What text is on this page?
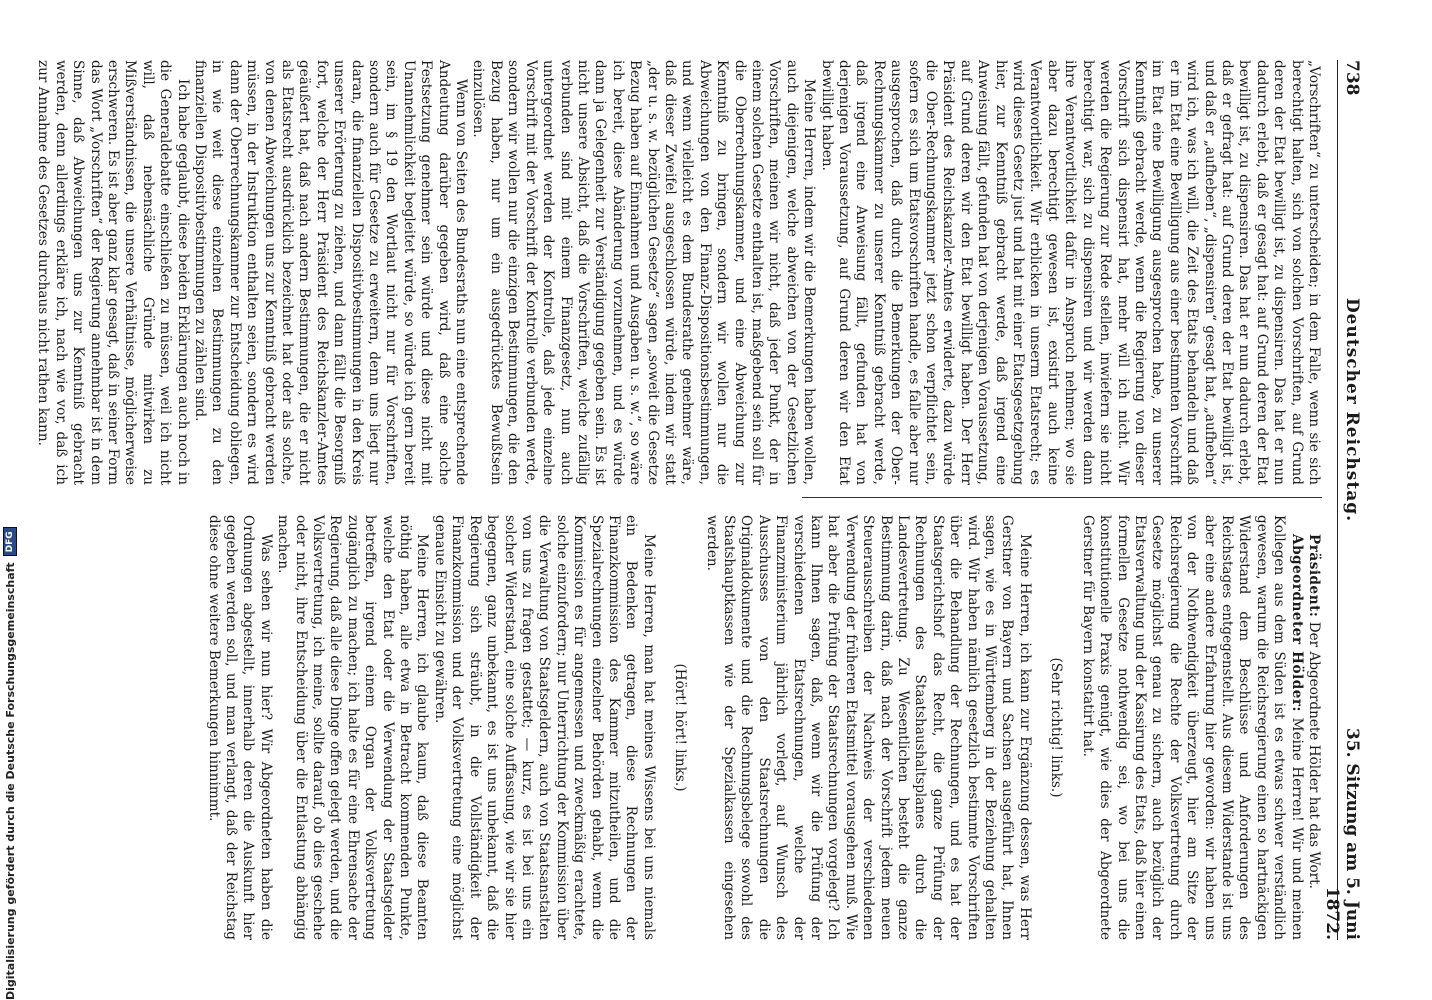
738
Deutscher Reichstag.
35. Sitzung am 5. Juni 1872.

„Vorschriften“ zu unterscheiden; in dem Falle, wenn sie sich berechtigt halten, sich von solchen Vorschriften, auf Grund deren der Etat bewilligt ist, zu dispensiren. Das hat er nun dadurch erlebt, daß er gesagt hat: auf Grund deren der Etat bewilligt ist, zu dispensiren. Das hat er nun dadurch erlebt, daß er gefragt hat: auf Grund deren der Etat bewilligt ist, und daß er „aufheben“, „dispensiren“ gesagt hat, „aufheben“ wird ich, was ich will, die Zeit des Etats behandeln und daß er im Etat eine Bewilligung aus einer bestimmten Vorschrift im Etat eine Bewilligung ausgesprochen habe, zu unserer Kenntniß gebracht werde, wenn die Regierung von dieser Vorschrift sich dispensirt hat, mehr will ich nicht. Wir werden die Regierung zur Rede stellen, inwiefern sie nicht berechtigt war, sich zu dispensiren und wir werden dann ihre Verantwortlichkeit dafür in Anspruch nehmen; wo sie aber dazu berechtigt gewesen ist, existirt auch keine Verantwortlichkeit. Wir erblicken in unserm Etatsrecht; es wird dieses Gesetz just und hat mit einer Etatsgesetzgebung hier, zur Kenntniß gebracht werde, daß irgend eine Anweisung fällt, gefunden hat von derjenigen Voraussetzung, auf Grund deren wir den Etat bewilligt haben. Der Herr Präsident des Reichskanzler-Amtes erwiderte, dazu würde die Ober-Rechnungskammer jetzt schon verpflichtet sein, sofern es sich um Etatsvorschriften handle, es falle aber nur ausgesprochen, daß durch die Bemerkungen der Ober-Rechnungskammer zu unserer Kenntniß gebracht werde, daß irgend eine Anweisung fällt, gefunden hat von derjenigen Voraussetzung, auf Grund deren wir den Etat bewilligt haben.

Meine Herren, indem wir die Bemerkungen haben wollen, auch diejenigen, welche abweichen von der Gesetzlichen Vorschriften, meinen wir nicht, daß jeder Punkt, der in einem solchen Gesetze enthalten ist, maßgebend sein soll für die Oberrechnungskammer, und eine Abweichung zur Kenntniß zu bringen, sondern wir wollen nur die Abweichungen von den Finanz-Dispositionsbestimmungen, und wenn vielleicht es dem Bundesrathe genehmer wäre, daß dieser Zweifel ausgeschlossen würde, indem wir statt „der u. s. w. bezüglichen Gesetze“ sagen „soweit die Gesetze Bezug haben auf Einnahmen und Ausgaben u. s. w.“, so wäre ich bereit, diese Abänderung vorzunehmen, und es würde dann ja Gelegenheit zur Verständigung gegeben sein. Es ist nicht unsere Absicht, daß die Vorschriften, welche zufällig verbunden sind mit einem Finanzgesetz, nun auch untergeordnet werden der Kontrolle, daß jede einzelne Vorschrift mit der Vorschrift der Kontrolle verbunden werde, sondern wir wollen nur die einzigen Bestimmungen, die den Bezug haben, nur um ein ausgedrücktes Bewußtsein einzulösen.

Wenn von Seiten des Bundesraths nun eine entsprechende Andeutung darüber gegeben wird, daß eine solche Festsetzung genehmer sein würde und diese nicht mit Unannehmlichkeit begleitet würde, so würde ich gern bereit sein, im § 19 den Wortlaut nicht nur für Vorschriften, sondern auch für Gesetze zu erweitern, denn uns liegt nur daran, die finanziellen Dispositivbestimmungen in den Kreis unserer Erörterung zu ziehen, und dann fällt die Besorgniß fort, welche der Herr Präsident des Reichskanzler-Amtes geäußert hat, daß nach andern Bestimmungen, die er nicht als Etatsrecht ausdrücklich bezeichnet hat oder als solche, von denen Abweichungen uns zur Kenntniß gebracht werden müssen, in der Instruktion enthalten seien, sondern es wird dann der Oberrechnungskammer zur Entscheidung obliegen, in wie weit diese einzelnen Bestimmungen zu den finanziellen Dispositivbestimmungen zu zählen sind.

Ich habe geglaubt, diese beiden Erklärungen auch noch in die Generaldebatte einschließen zu müssen, weil ich nicht will, daß nebensächliche Gründe mitwirken zu Mißverständnissen, die unsere Verhältnisse, möglicherweise erschweren. Es ist aber ganz klar gesagt, daß in seiner Form das Wort „Vorschriften“ der Regierung annehmbar ist in dem Sinne, daß Abweichungen uns zur Kenntniß gebracht werden, denn allerdings erkläre ich, nach wie vor, daß ich zur Annahme des Gesetzes durchaus nicht rathen kann.

Präsident: Der Abgeordnete Hölder hat das Wort.

Abgeordneter Hölder: Meine Herren! Wir und meinen Kollegen aus dem Süden ist es etwas schwer verständlich gewesen, warum die Reichsregierung einen so hartnäckigen Widerstand dem Beschlüsse und Anforderungen des Reichstages entgegenstellt. Aus diesem Widerstande ist uns aber eine andere Erfahrung hier geworden: wir haben uns von der Nothwendigkeit überzeugt, hier am Sitze der Reichsregierung die Rechte der Volksvertretung durch Gesetze möglichst genau zu sichern, auch bezüglich der Etatsverwaltung und der Kassirung des Etats, daß hier einen formellen Gesetze nothwendig sei, wo bei uns die konstitutionelle Praxis genügt, wie dies der Abgeordnete Gerstner für Bayern konstatirt hat.

(Sehr richtig! links.)

Meine Herren, ich kann zur Ergänzung dessen, was Herr Gerstner von Bayern und Sachsen ausgeführt hat, Ihnen sagen, wie es in Württemberg in der Beziehung gehalten wird. Wir haben nämlich gesetzlich bestimmte Vorschriften über die Behandlung der Rechnungen, und es hat der Staatsgerichtshof das Recht, die ganze Prüfung der Rechnungen des Staatshaushaltsplanes durch die Landesvertretung. Zu Wesentlichen besteht die ganze Bestimmung darin, daß nach der Vorschrift jedem neuen Steuerausschreiben der Nachweis der verschiedenen Verwendung der früheren Etatsmittel vorausgehen muß. Wie hat aber die Prüfung der Staatsrechnungen vorgelegt? Ich kann Ihnen sagen, daß, wenn wir die Prüfung der verschiedenen Etatsrechnungen, welche der Finanzministerium jährlich vorlegt, auf Wunsch des Ausschusses von den Staatsrechnungen die Originaldokumente und die Rechnungsbelege sowohl des Staatshauptkassen wie der Spezialkassen eingesehen werden.

(Hört! hört! links.)

Meine Herren, man hat meines Wissens bei uns niemals ein Bedenken getragen, diese Rechnungen der Finanzkommission des Kammer mitzutheilen, und die Spezialrechnungen einzelner Behörden gehabt, wenn die Kommission es für angemessen und zweckmäßig erachtete, solche einzufordern; nur Unterrichtung der Kommission über die Verwaltung von Staatsgeldern, auch von Staatsanstalten von uns zu fragen gestattet; — kurz, es ist bei uns ein solcher Widerstand, eine solche Auffassung, wie wir sie hier begegnen, ganz unbekannt, es ist uns unbekannt, daß die Regierung sich sträubt, in die Vollständigkeit der Finanzkommission und der Volksvertretung eine möglichst genaue Einsicht zu gewähren.

Meine Herren, ich glaube kaum, daß diese Beamten nöthig haben, alle etwa in Betracht kommenden Punkte, welche den Etat oder die Verwendung der Staatsgelder betreffen, irgend einem Organ der Volksvertretung zugänglich zu machen; ich halte es für eine Ehrensache der Regierung, daß alle diese Dinge offen gelegt werden, und die Volksvertretung, ich meine, sollte darauf, ob dies geschehe oder nicht, ihre Entscheidung über die Entlastung abhängig machen.

Was sehen wir nun hier? Wir Abgeordneten haben die Ordnungen abgestellt, innerhalb deren die Auskunft hier gegeben werden soll, und man verlangt, daß der Reichstag diese ohne weitere Bemerkungen hinnimmt.

Digitalisierung gefördert durch die Deutsche Forschungsgemeinschaft
DFG
